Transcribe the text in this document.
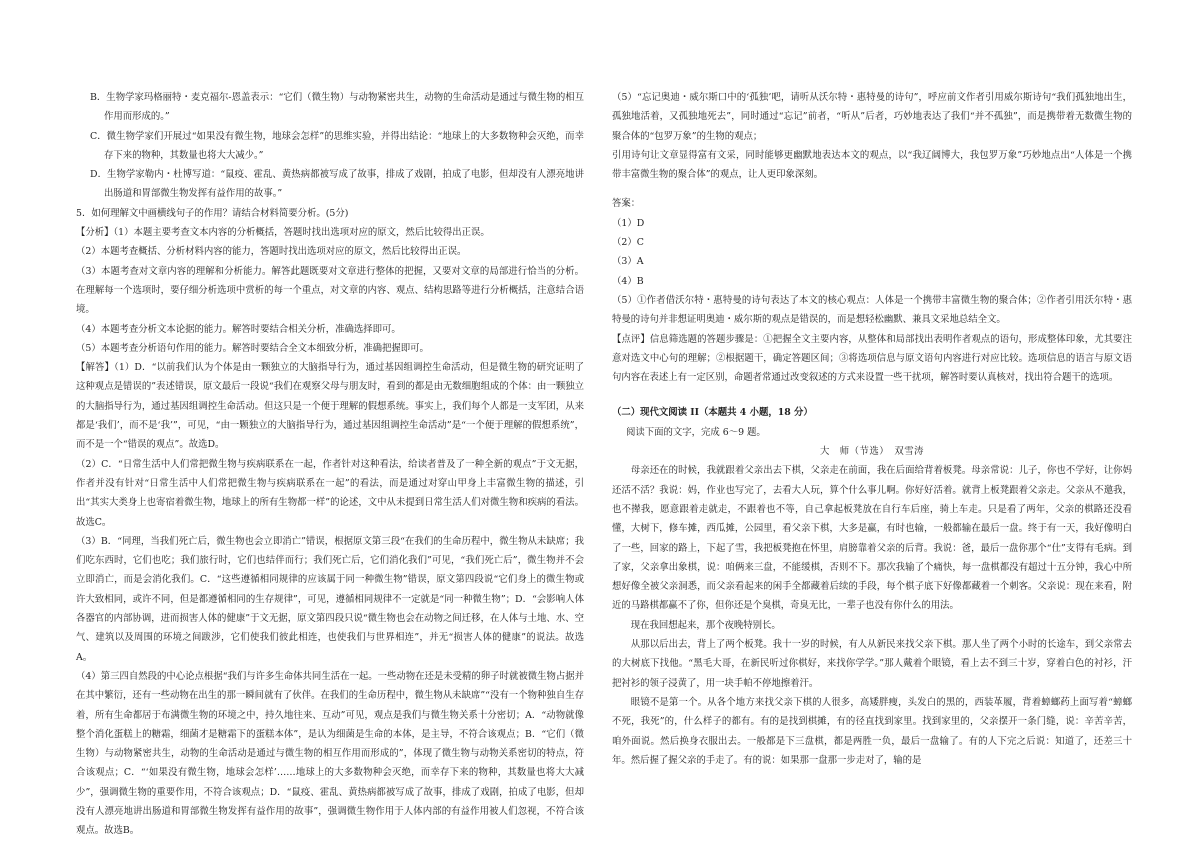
B．生物学家玛格丽特・麦克福尔-恩盖表示：“它们（微生物）与动物紧密共生，动物的生命活动是通过与微生物的相互作用而形成的。”

C．微生物学家们开展过“如果没有微生物，地球会怎样”的思维实验，并得出结论：“地球上的大多数物种会灭绝，而幸存下来的物种，其数量也将大大减少。”

D．生物学家勒内・杜博写道：“鼠疫、霍乱、黄热病都被写成了故事，排成了戏剧，拍成了电影，但却没有人漂亮地讲出肠道和胃部微生物发挥有益作用的故事。”

5．如何理解文中画横线句子的作用？请结合材料简要分析。(5分)

【分析】（1）本题主要考查文本内容的分析概括，答题时找出选项对应的原文，然后比较得出正误。

（2）本题考查概括、分析材料内容的能力，答题时找出选项对应的原文，然后比较得出正误。

（3）本题考查对文章内容的理解和分析能力。解答此题既要对文章进行整体的把握，又要对文章的局部进行恰当的分析。在理解每一个选项时，要仔细分析选项中赏析的每一个重点，对文章的内容、观点、结构思路等进行分析概括，注意结合语境。

（4）本题考查分析文本论据的能力。解答时要结合相关分析，准确选择即可。

（5）本题考查分析语句作用的能力。解答时要结合全文本细致分析，准确把握即可。

【解答】（1）D．“以前我们认为个体是由一颗独立的大脑指导行为，通过基因组调控生命活动，但是微生物的研究证明了这种观点是错误的”表述错误，原文最后一段说“我们在观察父母与朋友时，看到的都是由无数细胞组成的个体：由一颗独立的大脑指导行为，通过基因组调控生命活动。但这只是一个便于理解的假想系统。事实上，我们每个人都是一支军团，从来都是‘我们’，而不是‘我’”，可见，“由一颗独立的大脑指导行为，通过基因组调控生命活动”是“一个便于理解的假想系统”，而不是一个“错误的观点”。故选D。

（2）C．“日常生活中人们常把微生物与疾病联系在一起，作者针对这种看法，给读者普及了一种全新的观点”于文无据，作者并没有针对“日常生活中人们常把微生物与疾病联系在一起”的看法，而是通过对穿山甲身上丰富微生物的描述，引出“其实大类身上也寄宿着微生物，地球上的所有生物都一样”的论述，文中从未提到日常生活人们对微生物和疾病的看法。故选C。

（3）B．“同理，当我们死亡后，微生物也会立即消亡”错误，根据原文第三段“在我们的生命历程中，微生物从未缺席；我们吃东西时，它们也吃；我们旅行时，它们也结伴而行；我们死亡后，它们消化我们”可见，“我们死亡后”，微生物并不会立即消亡，而是会消化我们。C．“这些遵循相同规律的应该属于同一种微生物”错误，原文第四段说“它们身上的微生物或许大致相同，或许不同，但是都遵循相同的生存规律”，可见，遵循相同规律不一定就是“同一种微生物”；D．“会影响人体各器官的内部协调，进而损害人体的健康”于文无据，原文第四段只说“微生物也会在动物之间迁移，在人体与土地、水、空气、建筑以及周围的环境之间跋涉，它们使我们彼此相连，也使我们与世界相连”，并无“损害人体的健康”的说法。故选A。

（4）第三四自然段的中心论点根据“我们与许多生命体共同生活在一起。一些动物在还是未受精的卵子时就被微生物占据并在其中繁衍，还有一些动物在出生的那一瞬间就有了伙伴。在我们的生命历程中，微生物从未缺席”“没有一个物种独自生存着，所有生命都居于布满微生物的环境之中，持久地往来、互动”可见，观点是我们与微生物关系十分密切；A．“动物就像整个消化蛋糕上的糖霜，细菌才是糖霜下的蛋糕本体”，是认为细菌是生命的本体，是主导，不符合该观点；B．“它们（微生物）与动物紧密共生，动物的生命活动是通过与微生物的相互作用而形成的”，体现了微生物与动物关系密切的特点，符合该观点；C．“‘如果没有微生物，地球会怎样’……地球上的大多数物种会灭绝，而幸存下来的物种，其数量也将大大减少”，强调微生物的重要作用，不符合该观点；D．“鼠疫、霍乱、黄热病都被写成了故事，排成了戏剧，拍成了电影，但却没有人漂亮地讲出肠道和胃部微生物发挥有益作用的故事”，强调微生物作用于人体内部的有益作用被人们忽视，不符合该观点。故选B。

（5）“忘记奥迪・威尔斯口中的‘孤独’吧，请听从沃尔特・惠特曼的诗句”，呼应前文作者引用威尔斯诗句“我们孤独地出生，孤独地活着，又孤独地死去”，同时通过“忘记”前者，“听从”后者，巧妙地表达了我们“并不孤独”，而是携带着无数微生物的聚合体的“包罗万象”的生物的观点；

引用诗句让文章显得富有文采，同时能够更幽默地表达本文的观点，以“我辽阔博大，我包罗万象”巧妙地点出“人体是一个携带丰富微生物的聚合体”的观点，让人更印象深刻。

答案：

（1）D

（2）C

（3）A

（4）B

（5）①作者借沃尔特・惠特曼的诗句表达了本文的核心观点：人体是一个携带丰富微生物的聚合体；②作者引用沃尔特・惠特曼的诗句并非想证明奥迪・威尔斯的观点是错误的，而是想轻松幽默、兼具文采地总结全文。

【点评】信息筛选题的答题步骤是：①把握全文主要内容，从整体和局部找出表明作者观点的语句，形成整体印象，尤其要注意对选文中心句的理解；②根据题干，确定答题区间；③将选项信息与原文语句内容进行对应比较。选项信息的语言与原文语句内容在表述上有一定区别，命题者常通过改变叙述的方式来设置一些干扰项，解答时要认真核对，找出符合题干的选项。

（二）现代文阅读 II（本题共 4 小题，18 分）

阅读下面的文字，完成 6～9 题。

大　师（节选）　双雪涛

母亲还在的时候，我就跟着父亲出去下棋，父亲走在前面，我在后面给背着板凳。母亲常说：儿子，你也不学好，让你妈还活不活？我说：妈，作业也写完了，去看大人玩，算个什么事儿啊。你好好活着。就背上板凳跟着父亲走。父亲从不邀我，也不撵我，愿意跟着走就走，不跟着也不等，自己拿起板凳放在自行车后座，骑上车走。只是看了两年，父亲的棋路还没看懂，大树下，修车摊，西瓜摊，公园里，看父亲下棋，大多是赢，有时也输，一般都输在最后一盘。终于有一天，我好像明白了一些，回家的路上，下起了雪，我把板凳抱在怀里，肩膀靠着父亲的后背。我说：爸，最后一盘你那个“仕”支得有毛病。到了家，父亲拿出象棋，说：咱俩来三盘，不能缓棋，否则不下。那次我输了个痛快，每一盘棋都没有超过十五分钟，我心中所想好像全被父亲洞悉，而父亲看起来的闲手全都藏着后续的手段，每个棋子底下好像都藏着一个刺客。父亲说：现在来看，附近的马路棋都赢不了你，但你还是个臭棋，奇臭无比，一辈子也没有你什么的用法。

现在我回想起来，那个夜晚特别长。

从那以后出去，背上了两个板凳。我十一岁的时候，有人从新民来找父亲下棋。那人坐了两个小时的长途车，到父亲常去的大树底下找他。“黑毛大哥，在新民听过你棋好，来找你学学。”那人戴着个眼镜，看上去不到三十岁，穿着白色的衬衫，汗把衬衫的领子浸黄了，用一块手帕不停地擦着汗。

眼镜不是第一个。从各个地方来找父亲下棋的人很多，高矮胖瘦，头发白的黑的，西装革履，背着蟑螂药上面写着“蟑螂不死，我死”的，什么样子的都有。有的是找到棋摊，有的径直找到家里。找到家里的，父亲摆开一条门缝，说：辛苦辛苦，咱外面说。然后换身衣服出去。一般都是下三盘棋，都是两胜一负，最后一盘输了。有的人下完之后说：知道了，还差三十年。然后握了握父亲的手走了。有的说：如果那一盘那一步走对了，输的是
